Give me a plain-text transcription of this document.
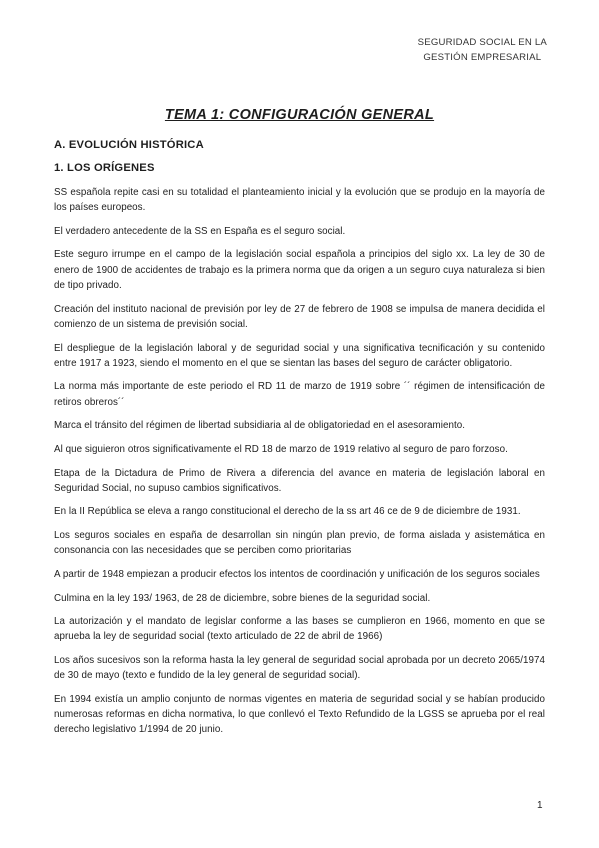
SEGURIDAD SOCIAL EN LA
GESTIÓN EMPRESARIAL
TEMA 1: CONFIGURACIÓN GENERAL
A. EVOLUCIÓN HISTÓRICA
1. LOS ORÍGENES

SS española repite casi en su totalidad el planteamiento inicial y la evolución que se produjo en la mayoría de los países europeos.

El verdadero antecedente de la SS en España es el seguro social.

Este seguro irrumpe en el campo de la legislación social española a principios del siglo xx. La ley de 30 de enero de 1900 de accidentes de trabajo es la primera norma que da origen a un seguro cuya naturaleza si bien de tipo privado.

Creación del instituto nacional de previsión por ley de 27 de febrero de 1908 se impulsa de manera decidida el comienzo de un sistema de previsión social.

El despliegue de la legislación laboral y de seguridad social y una significativa tecnificación y su contenido entre 1917 a 1923, siendo el momento en el que se sientan las bases del seguro de carácter obligatorio.

La norma más importante de este periodo el RD 11 de marzo de 1919 sobre ´´ régimen de intensificación de retiros obreros´´

Marca el tránsito del régimen de libertad subsidiaria al de obligatoriedad en el asesoramiento.

Al que siguieron otros significativamente el RD 18 de marzo de 1919 relativo al seguro de paro forzoso.

Etapa de la Dictadura de Primo de Rivera a diferencia del avance en materia de legislación laboral en Seguridad Social, no supuso cambios significativos.

En la II República se eleva a rango constitucional el derecho de la ss art 46 ce de 9 de diciembre de 1931.

Los seguros sociales en españa de desarrollan sin ningún plan previo, de forma aislada y asistemática en consonancia con las necesidades que se perciben como prioritarias

A partir de 1948 empiezan a producir efectos los intentos de coordinación y unificación de los seguros sociales

Culmina en la ley 193/ 1963, de 28 de diciembre, sobre bienes de la seguridad social.

La autorización y el mandato de legislar conforme a las bases se cumplieron en 1966, momento en que se aprueba la ley de seguridad social (texto articulado de 22 de abril de 1966)

Los años sucesivos son la reforma hasta la ley general de seguridad social aprobada por un decreto 2065/1974 de 30 de mayo (texto e fundido de la ley general de seguridad social).

En 1994 existía un amplio conjunto de normas vigentes en materia de seguridad social y se habían producido numerosas reformas en dicha normativa, lo que conllevó el Texto Refundido de la LGSS se aprueba por el real derecho legislativo 1/1994 de 20 junio.

1
